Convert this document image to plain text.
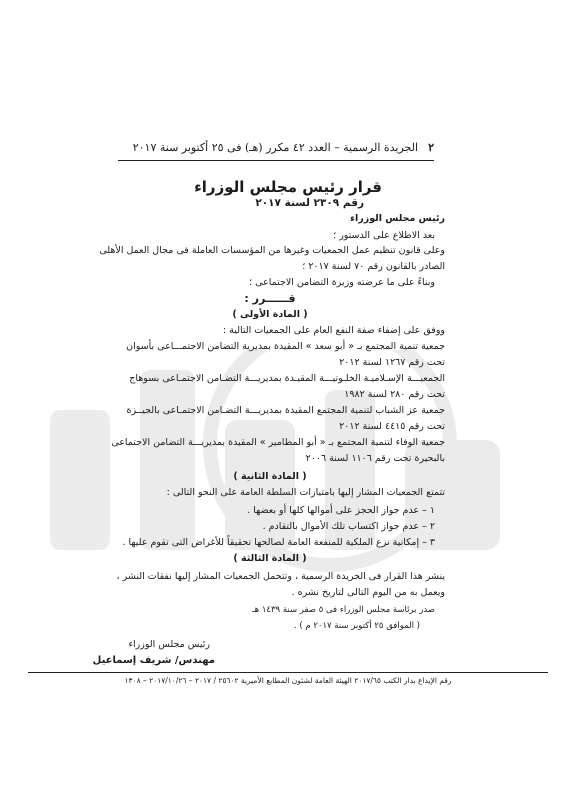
٢
الجريدة الرسمية – العدد ٤٢ مكرر (هـ) فى ٢٥ أكتوبر سنة ٢٠١٧
قرار رئيس مجلس الوزراء
رقم ٢٣٠٩ لسنة ٢٠١٧
رئيس مجلس الوزراء
بعد الاطلاع على الدستور ؛
وعلى قانون تنظيم عمل الجمعيات وغيرها من المؤسسات العاملة فى مجال العمل الأهلى
الصادر بالقانون رقم ٧٠ لسنة ٢٠١٧ ؛
وبناءً على ما عرضته وزيرة التضامن الاجتماعى ؛
قــــــرر :
( المادة الأولى )
ووفق على إضفاء صفة النفع العام على الجمعيات التالية :
جمعية تنمية المجتمع بـ « أبو سعد » المقيدة بمديرية التضامن الاجتمـــاعى بأسوان
تحت رقم ١٢٦٧ لسنة ٢٠١٢
الجمعيـــة الإسـلاميـة الخلـوتيـــة المقيـدة بمديريـــة التضـامن الاجتمـاعى بسوهاج
تحت رقم ٢٨٠ لسنة ١٩٨٢
جمعية عز الشباب لتنمية المجتمع المقيدة بمديريـــة التضـامن الاجتمـاعى بالجيــزة
تحت رقم ٤٤١٥ لسنة ٢٠١٢
جمعية الوفاء لتنمية المجتمع بـ « أبو المطامير » المقيدة بمديريـــة التضامن الاجتماعى
بالبحيرة تحت رقم ١١٠٦ لسنة ٢٠٠٦
( المادة الثانية )
تتمتع الجمعيات المشار إليها بامتيازات السلطة العامة على النحو التالى :
١ – عدم جواز الحجز على أموالها كلها أو بعضها .
٢ – عدم جواز اكتساب تلك الأموال بالتقادم .
٣ – إمكانية نزع الملكية للمنفعة العامة لصالحها تحقيقاً للأغراض التى تقوم عليها .
( المادة الثالثة )
ينشر هذا القرار فى الجريدة الرسمية ، وتتحمل الجمعيات المشار إليها نفقات النشر ،
ويعمل به من اليوم التالى لتاريخ نشره .
صدر برئاسة مجلس الوزراء فى ٥ صفر سنة ١٤٣٩ هـ
( الموافق ٢٥ أكتوبر سنة ٢٠١٧ م ) .
رئيس مجلس الوزراء
مهندس/ شريف إسماعيل
رقم الإيداع بدار الكتب ٢٠١٧/٦٥ الهيئة العامة لشئون المطابع الأميرية ٢٥٦٠٢ / ٢٠١٧ – ٢٠١٧/١٠/٢٦ – ١٣٠٨
